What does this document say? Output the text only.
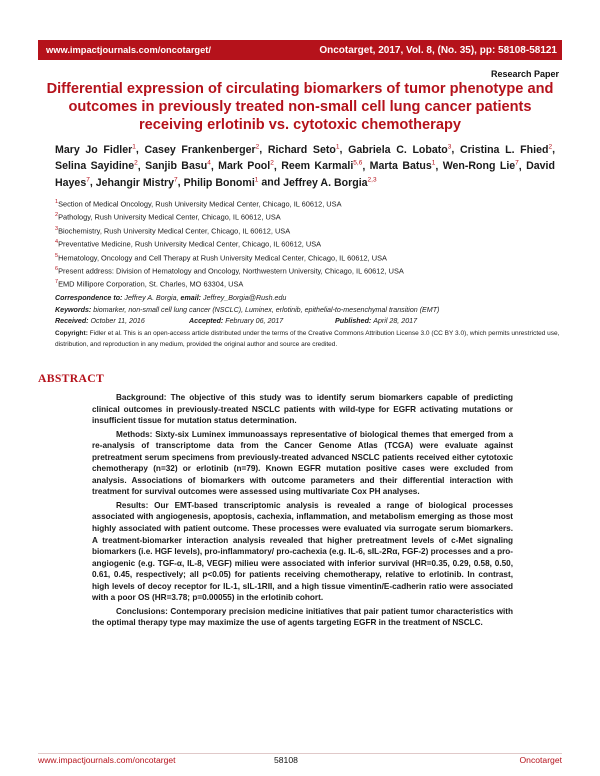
www.impactjournals.com/oncotarget/	Oncotarget, 2017, Vol. 8, (No. 35), pp: 58108-58121
Research Paper
Differential expression of circulating biomarkers of tumor phenotype and outcomes in previously treated non-small cell lung cancer patients receiving erlotinib vs. cytotoxic chemotherapy
Mary Jo Fidler$^1$, Casey Frankenberger$^2$, Richard Seto$^1$, Gabriela C. Lobato$^3$, Cristina L. Fhied$^2$, Selina Sayidine$^2$, Sanjib Basu$^4$, Mark Pool$^2$, Reem Karmali$^{5,6}$, Marta Batus$^1$, Wen-Rong Lie$^7$, David Hayes$^7$, Jehangir Mistry$^7$, Philip Bonomi$^1$ and Jeffrey A. Borgia$^{2,3}$
$^1$Section of Medical Oncology, Rush University Medical Center, Chicago, IL 60612, USA
$^2$Pathology, Rush University Medical Center, Chicago, IL 60612, USA
$^3$Biochemistry, Rush University Medical Center, Chicago, IL 60612, USA
$^4$Preventative Medicine, Rush University Medical Center, Chicago, IL 60612, USA
$^5$Hematology, Oncology and Cell Therapy at Rush University Medical Center, Chicago, IL 60612, USA
$^6$Present address: Division of Hematology and Oncology, Northwestern University, Chicago, IL 60612, USA
$^7$EMD Millipore Corporation, St. Charles, MO 63304, USA
Correspondence to: Jeffrey A. Borgia, email: Jeffrey_Borgia@Rush.edu
Keywords: biomarker, non-small cell lung cancer (NSCLC), Luminex, erlotinib, epithelial-to-mesenchymal transition (EMT)
Received: October 11, 2016	Accepted: February 06, 2017	Published: April 28, 2017
Copyright: Fidler et al. This is an open-access article distributed under the terms of the Creative Commons Attribution License 3.0 (CC BY 3.0), which permits unrestricted use, distribution, and reproduction in any medium, provided the original author and source are credited.
ABSTRACT

Background: The objective of this study was to identify serum biomarkers capable of predicting clinical outcomes in previously-treated NSCLC patients with wild-type for EGFR activating mutations or insufficient tissue for mutation status determination.

Methods: Sixty-six Luminex immunoassays representative of biological themes that emerged from a re-analysis of transcriptome data from the Cancer Genome Atlas (TCGA) were evaluate against pretreatment serum specimens from previously-treated advanced NSCLC patients received either cytotoxic chemotherapy (n=32) or erlotinib (n=79). Known EGFR mutation positive cases were excluded from analysis. Associations of biomarkers with outcome parameters and their differential interaction with treatment for survival outcomes were assessed using multivariate Cox PH analyses.

Results: Our EMT-based transcriptomic analysis is revealed a range of biological processes associated with angiogenesis, apoptosis, cachexia, inflammation, and metabolism emerging as those most highly associated with patient outcome. These processes were evaluated via surrogate serum biomarkers. A treatment-biomarker interaction analysis revealed that higher pretreatment levels of c-Met signaling biomarkers (i.e. HGF levels), pro-inflammatory/ pro-cachexia (e.g. IL-6, sIL-2Rα, FGF-2) processes and a pro-angiogenic (e.g. TGF-α, IL-8, VEGF) milieu were associated with inferior survival (HR=0.35, 0.29, 0.58, 0.50, 0.61, 0.45, respectively; all p<0.05) for patients receiving chemotherapy, relative to erlotinib. In contrast, high levels of decoy receptor for IL-1, sIL-1RII, and a high tissue vimentin/E-cadherin ratio were associated with a poor OS (HR=3.78; p=0.00055) in the erlotinib cohort.

Conclusions: Contemporary precision medicine initiatives that pair patient tumor characteristics with the optimal therapy type may maximize the use of agents targeting EGFR in the treatment of NSCLC.

www.impactjournals.com/oncotarget	58108	Oncotarget
